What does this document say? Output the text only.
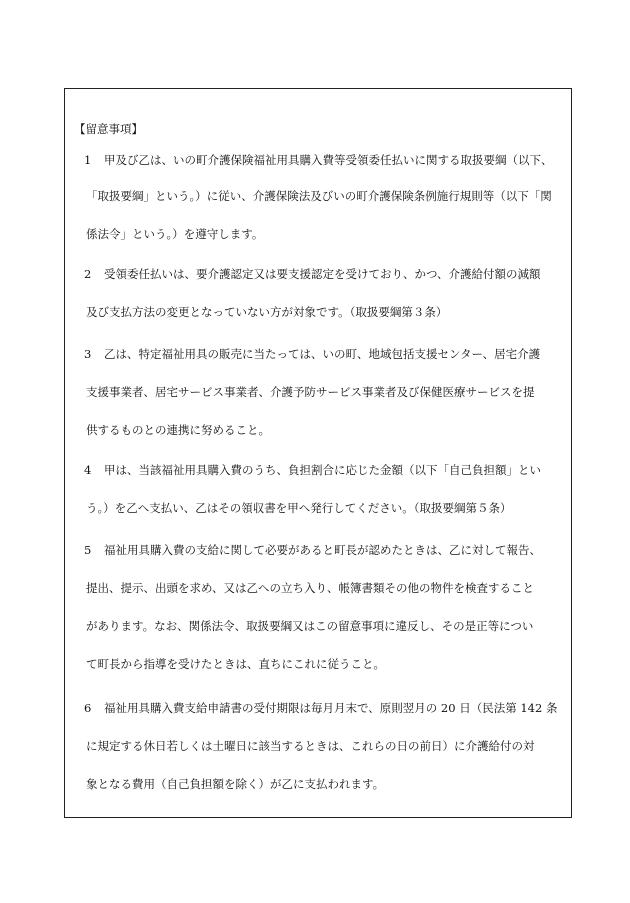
【留意事項】
1 甲及び乙は、いの町介護保険福祉用具購入費等受領委任払いに関する取扱要綱（以下、
「取扱要綱」という。）に従い、介護保険法及びいの町介護保険条例施行規則等（以下「関
係法令」という。）を遵守します。
2 受領委任払いは、要介護認定又は要支援認定を受けており、かつ、介護給付額の減額
及び支払方法の変更となっていない方が対象です。（取扱要綱第３条）
3 乙は、特定福祉用具の販売に当たっては、いの町、地域包括支援センター、居宅介護
支援事業者、居宅サービス事業者、介護予防サービス事業者及び保健医療サービスを提
供するものとの連携に努めること。
4 甲は、当該福祉用具購入費のうち、負担割合に応じた金額（以下「自己負担額」とい
う。）を乙へ支払い、乙はその領収書を甲へ発行してください。（取扱要綱第５条）
5 福祉用具購入費の支給に関して必要があると町長が認めたときは、乙に対して報告、
提出、提示、出頭を求め、又は乙への立ち入り、帳簿書類その他の物件を検査すること
があります。なお、関係法令、取扱要綱又はこの留意事項に違反し、その是正等につい
て町長から指導を受けたときは、直ちにこれに従うこと。
6 福祉用具購入費支給申請書の受付期限は毎月月末で、原則翌月の 20 日（民法第 142 条
に規定する休日若しくは土曜日に該当するときは、これらの日の前日）に介護給付の対
象となる費用（自己負担額を除く）が乙に支払われます。
